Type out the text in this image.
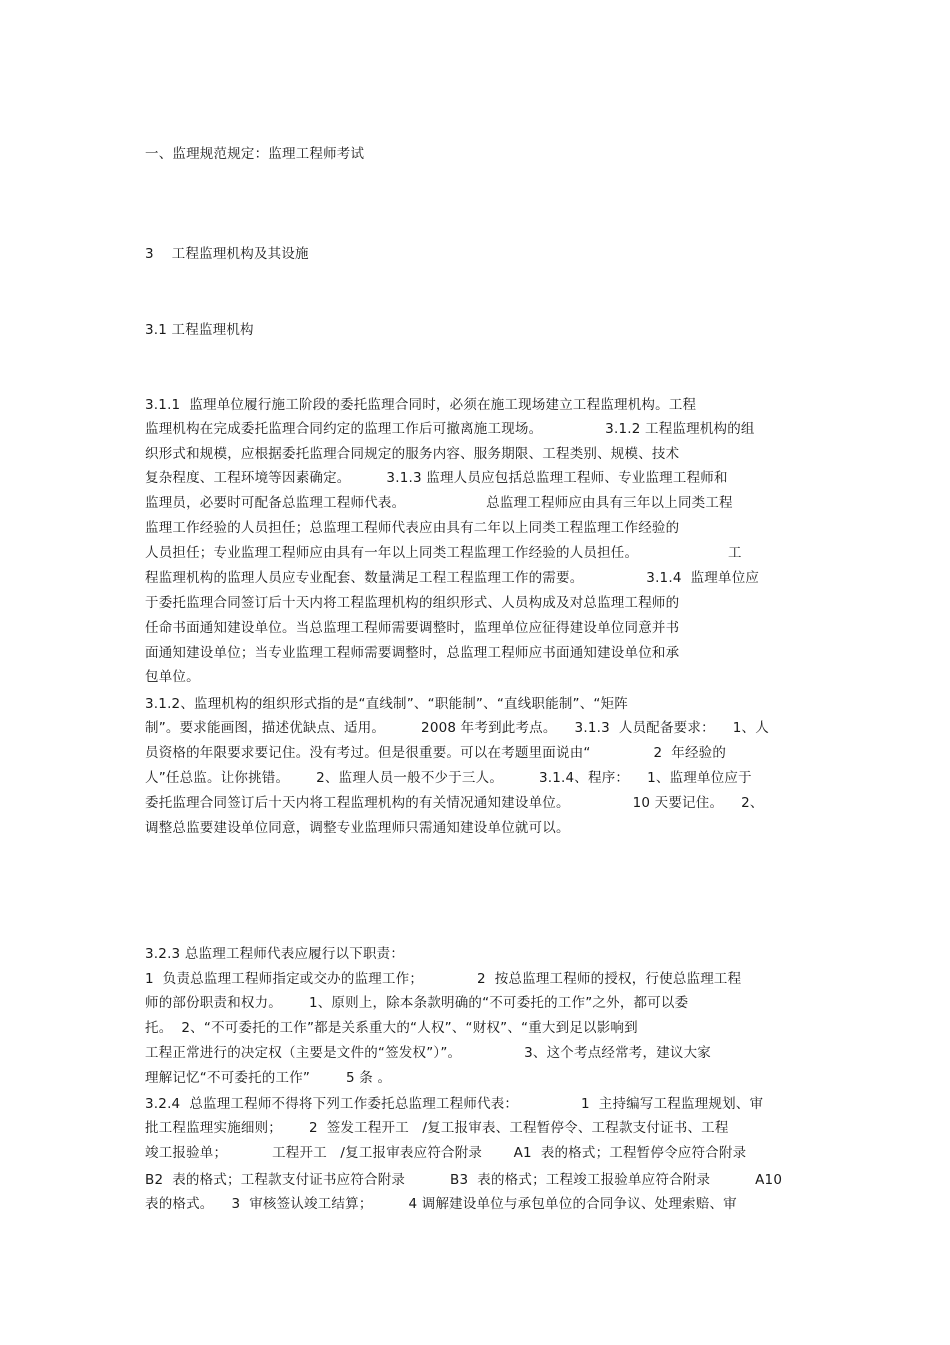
一、监理规范规定：监理工程师考试
3    工程监理机构及其设施
3.1 工程监理机构
3.1.1  监理单位履行施工阶段的委托监理合同时，必须在施工现场建立工程监理机构。工程
监理机构在完成委托监理合同约定的监理工作后可撤离施工现场。              3.1.2 工程监理机构的组
织形式和规模，应根据委托监理合同规定的服务内容、服务期限、工程类别、规模、技术
复杂程度、工程环境等因素确定。        3.1.3 监理人员应包括总监理工程师、专业监理工程师和
监理员，必要时可配备总监理工程师代表。                  总监理工程师应由具有三年以上同类工程
监理工作经验的人员担任；总监理工程师代表应由具有二年以上同类工程监理工作经验的
人员担任；专业监理工程师应由具有一年以上同类工程监理工作经验的人员担任。                    工
程监理机构的监理人员应专业配套、数量满足工程工程监理工作的需要。              3.1.4  监理单位应
于委托监理合同签订后十天内将工程监理机构的组织形式、人员构成及对总监理工程师的
任命书面通知建设单位。当总监理工程师需要调整时，监理单位应征得建设单位同意并书
面通知建设单位；当专业监理工程师需要调整时，总监理工程师应书面通知建设单位和承
包单位。
3.1.2、监理机构的组织形式指的是“直线制”、“职能制”、“直线职能制”、“矩阵
制”。要求能画图，描述优缺点、适用。        2008 年考到此考点。    3.1.3  人员配备要求：    1、人
员资格的年限要求要记住。没有考过。但是很重要。可以在考题里面说由“              2  年经验的
人”任总监。让你挑错。      2、监理人员一般不少于三人。        3.1.4、程序：    1、监理单位应于
委托监理合同签订后十天内将工程监理机构的有关情况通知建设单位。              10 天要记住。    2、
调整总监要建设单位同意，调整专业监理师只需通知建设单位就可以。
3.2.3 总监理工程师代表应履行以下职责：
1  负责总监理工程师指定或交办的监理工作；            2  按总监理工程师的授权，行使总监理工程
师的部份职责和权力。      1、原则上，除本条款明确的“不可委托的工作”之外，都可以委
托。  2、“不可委托的工作”都是关系重大的“人权”、“财权”、“重大到足以影响到
工程正常进行的决定权（主要是文件的“签发权”）”。              3、这个考点经常考，建议大家
理解记忆“不可委托的工作”        5 条 。
3.2.4  总监理工程师不得将下列工作委托总监理工程师代表：              1  主持编写工程监理规划、审
批工程监理实施细则；      2  签发工程开工   /复工报审表、工程暂停令、工程款支付证书、工程
竣工报验单；          工程开工   /复工报审表应符合附录       A1  表的格式；工程暂停令应符合附录
B2  表的格式；工程款支付证书应符合附录          B3  表的格式；工程竣工报验单应符合附录          A10
表的格式。    3  审核签认竣工结算；        4 调解建设单位与承包单位的合同争议、处理索赔、审
